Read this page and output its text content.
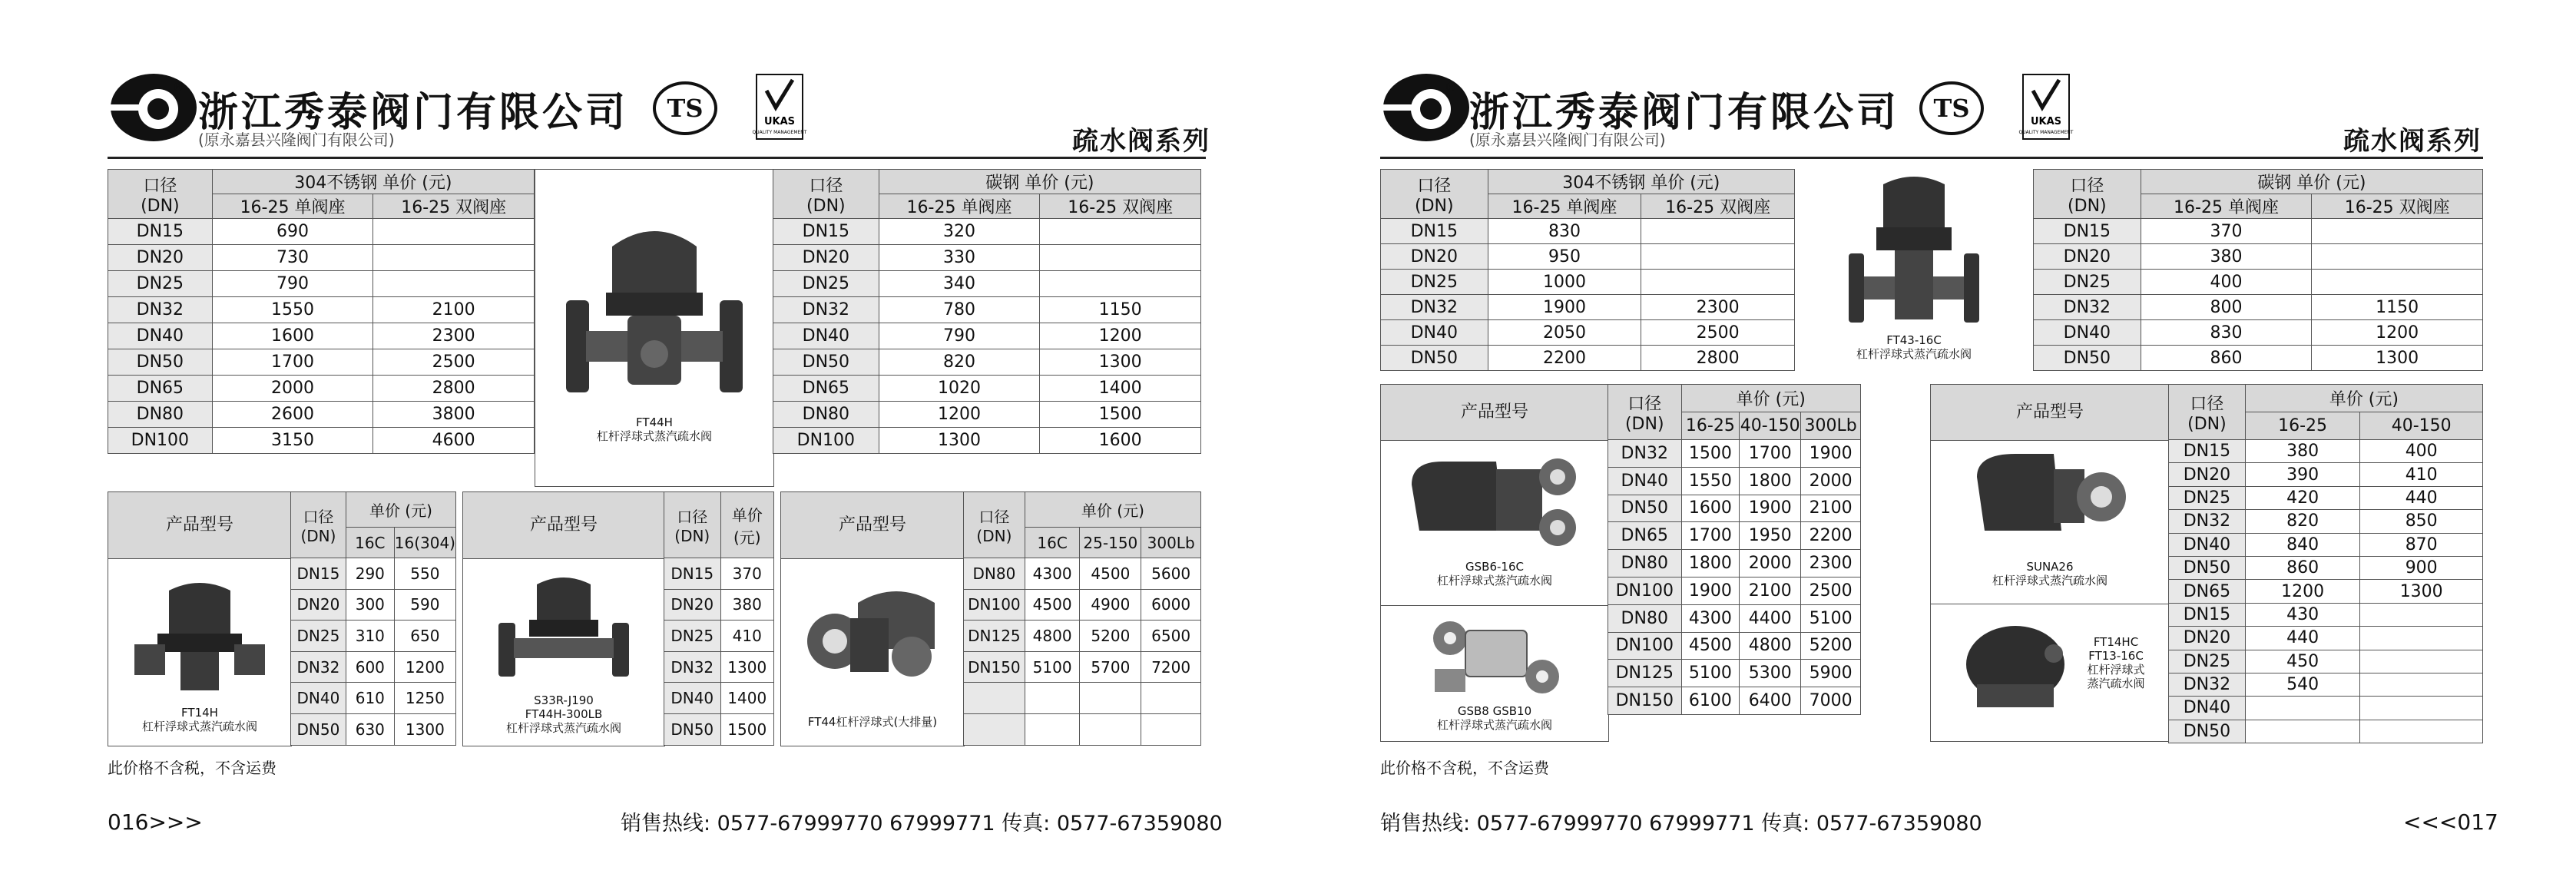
®
浙江秀泰阀门有限公司
(原永嘉县兴隆阀门有限公司)
TS	UKAS
QUALITY MANAGEMENT	疏水阀系列
口径
(DN)	304不锈钢 单价 (元)	
	16-25 单阀座	16-25 双阀座
DN15	690	
DN20	730	
DN25	790	
DN32	1550	2100
DN40	1600	2300
DN50	1700	2500
DN65	2000	2800
DN80	2600	3800
DN100	3150	4600
FT44H
杠杆浮球式蒸汽疏水阀
口径
(DN)	碳钢 单价 (元)	
	16-25 单阀座	16-25 双阀座
DN15	320	
DN20	330	
DN25	340	
DN32	780	1150
DN40	790	1200
DN50	820	1300
DN65	1020	1400
DN80	1200	1500
DN100	1300	1600
产品型号
FT14H
杠杆浮球式蒸汽疏水阀
口径
(DN)	单价 (元)	
	16C	16(304)
DN15	290	550
DN20	300	590
DN25	310	650
DN32	600	1200
DN40	610	1250
DN50	630	1300
产品型号
S33R-J190
FT44H-300LB
杠杆浮球式蒸汽疏水阀
口径
(DN)	单价
(元)
DN15	370
DN20	380
DN25	410
DN32	1300
DN40	1400
DN50	1500
产品型号
FT44杠杆浮球式(大排量)
口径
(DN)	单价 (元)		
	16C	25-150	300Lb
DN80	4300	4500	5600
DN100	4500	4900	6000
DN125	4800	5200	6500
DN150	5100	5700	7200

此价格不含税，不含运费
016>>>	销售热线: 0577-67999770 67999771 传真: 0577-67359080
®
浙江秀泰阀门有限公司
(原永嘉县兴隆阀门有限公司)
TS	UKAS
QUALITY MANAGEMENT	疏水阀系列
口径
(DN)	304不锈钢 单价 (元)	
	16-25 单阀座	16-25 双阀座
DN15	830	
DN20	950	
DN25	1000	
DN32	1900	2300
DN40	2050	2500
DN50	2200	2800
FT43-16C
杠杆浮球式蒸汽疏水阀
口径
(DN)	碳钢 单价 (元)	
	16-25 单阀座	16-25 双阀座
DN15	370	
DN20	380	
DN25	400	
DN32	800	1150
DN40	830	1200
DN50	860	1300
产品型号
GSB6-16C
杠杆浮球式蒸汽疏水阀
GSB8 GSB10
杠杆浮球式蒸汽疏水阀
口径
(DN)	单价 (元)		
	16-25	40-150	300Lb
DN32	1500	1700	1900
DN40	1550	1800	2000
DN50	1600	1900	2100
DN65	1700	1950	2200
DN80	1800	2000	2300
DN100	1900	2100	2500
DN80	4300	4400	5100
DN100	4500	4800	5200
DN125	5100	5300	5900
DN150	6100	6400	7000
产品型号
SUNA26
杠杆浮球式蒸汽疏水阀
FT14HC
FT13-16C
杠杆浮球式
蒸汽疏水阀
口径
(DN)	单价 (元)	
	16-25	40-150
DN15	380	400
DN20	390	410
DN25	420	440
DN32	820	850
DN40	840	870
DN50	860	900
DN65	1200	1300
DN15	430	
DN20	440	
DN25	450	
DN32	540	
DN40		
DN50		
此价格不含税，不含运费
销售热线: 0577-67999770 67999771 传真: 0577-67359080	<<<017
